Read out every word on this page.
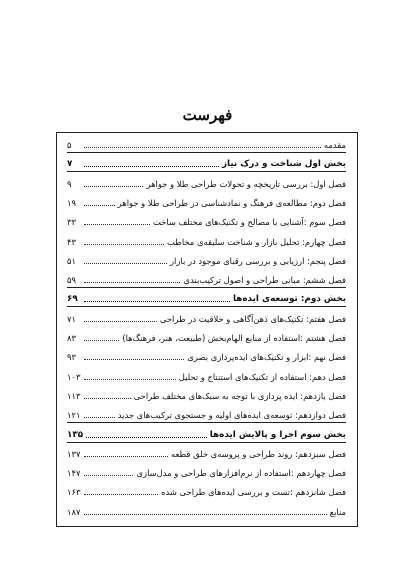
فهرست
مقدمه
۵
بخش اول شناخت و درک نیاز
۷
فصل اول: بررسی تاریخچه و تحولات طراحی طلا و جواهر
۹
فصل دوم: مطالعه‌ی فرهنگ و نمادشناسی در طراحی طلا و جواهر
۱۹
فصل سوم :آشنایی با مصالح و تکنیک‌های مختلف ساخت
۳۳
فصل چهارم: تحلیل بازار و شناخت سلیقه‌ی مخاطب
۴۳
فصل پنجم: ارزیابی و بررسی رقبای موجود در بازار
۵۱
فصل ششم: مبانی طراحی و اصول ترکیب‌بندی
۵۹
بخش دوم: توسعه‌ی ایده‌ها
۶۹
فصل هفتم: تکنیک‌های ذهن‌آگاهی و خلاقیت در طراحی
۷۱
فصل هشتم :استفاده از منابع الهام‌بخش (طبیعت، هنر، فرهنگ‌ها)
۸۳
فصل نهم :ابزار و تکنیک‌های ایده‌پردازی بصری
۹۳
فصل دهم: استفاده از تکنیک‌های استنتاج و تحلیل
۱۰۳
فصل یازدهم: ایده پردازی با توجه به سبک‌های مختلف طراحی
۱۱۳
فصل دوازدهم: توسعه‌ی ایده‌های اولیه و جستجوی ترکیب‌های جدید
۱۲۱
بخش سوم اجرا و پالایش ایده‌ها
۱۳۵
فصل سیزدهم: روند طراحی و پروسه‌ی خلق قطعه
۱۳۷
فصل چهاردهم :استفاده از نرم‌افزارهای طراحی و مدل‌سازی
۱۴۷
فصل شانزدهم :تست و بررسی ایده‌های طراحی شده
۱۶۳
منابع
۱۸۷
